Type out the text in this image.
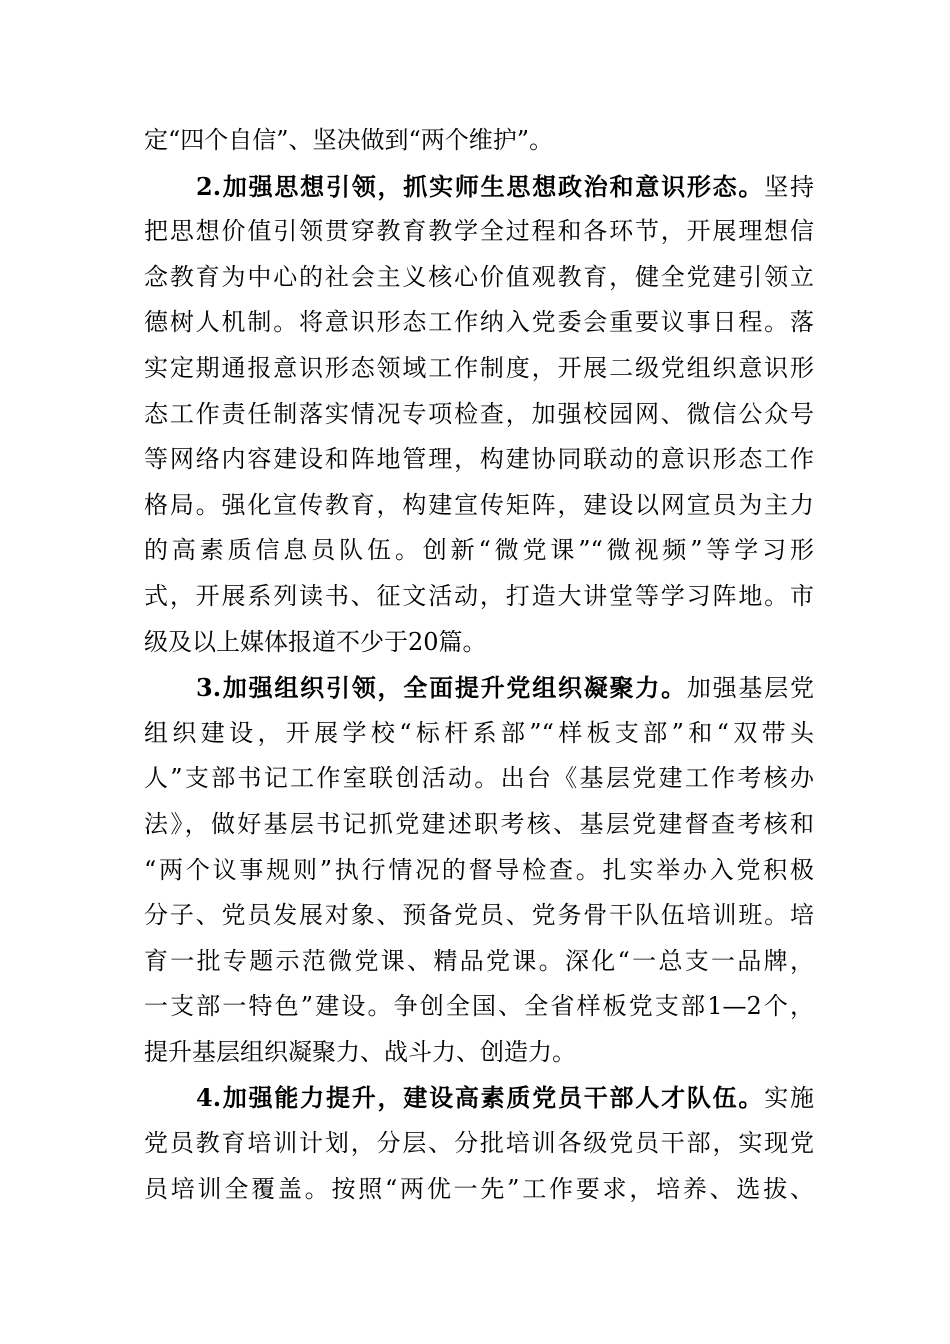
定“四个自信”、坚决做到“两个维护”。
2.加强思想引领，抓实师生思想政治和意识形态。坚持
把思想价值引领贯穿教育教学全过程和各环节，开展理想信
念教育为中心的社会主义核心价值观教育，健全党建引领立
德树人机制。将意识形态工作纳入党委会重要议事日程。落
实定期通报意识形态领域工作制度，开展二级党组织意识形
态工作责任制落实情况专项检查，加强校园网、微信公众号
等网络内容建设和阵地管理，构建协同联动的意识形态工作
格局。强化宣传教育，构建宣传矩阵，建设以网宣员为主力
的高素质信息员队伍。创新“微党课”“微视频”等学习形
式，开展系列读书、征文活动，打造大讲堂等学习阵地。市
级及以上媒体报道不少于20篇。
3.加强组织引领，全面提升党组织凝聚力。加强基层党
组织建设，开展学校“标杆系部”“样板支部”和“双带头
人”支部书记工作室联创活动。出台《基层党建工作考核办
法》，做好基层书记抓党建述职考核、基层党建督查考核和
“两个议事规则”执行情况的督导检查。扎实举办入党积极
分子、党员发展对象、预备党员、党务骨干队伍培训班。培
育一批专题示范微党课、精品党课。深化“一总支一品牌，
一支部一特色”建设。争创全国、全省样板党支部1—2个，
提升基层组织凝聚力、战斗力、创造力。
4.加强能力提升，建设高素质党员干部人才队伍。实施
党员教育培训计划，分层、分批培训各级党员干部，实现党
员培训全覆盖。按照“两优一先”工作要求，培养、选拔、
